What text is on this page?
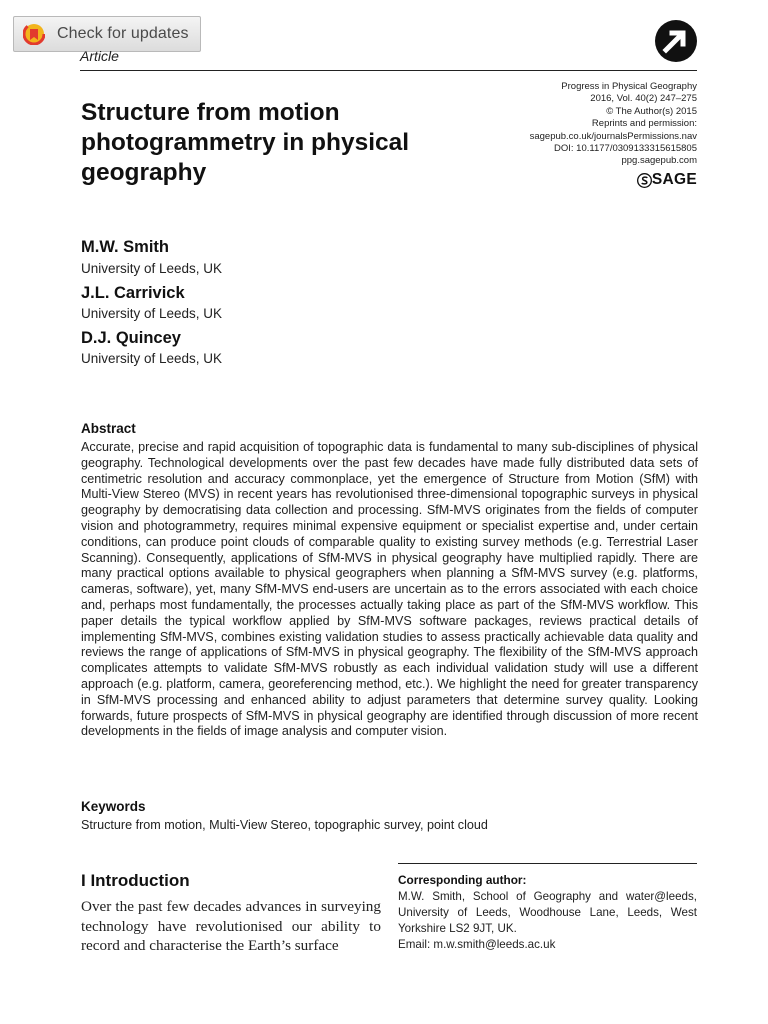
Check for updates
Article
Progress in Physical Geography
2016, Vol. 40(2) 247–275
© The Author(s) 2015
Reprints and permission:
sagepub.co.uk/journalsPermissions.nav
DOI: 10.1177/0309133315615805
ppg.sagepub.com
SAGE
Structure from motion photogrammetry in physical geography
M.W. Smith
University of Leeds, UK
J.L. Carrivick
University of Leeds, UK
D.J. Quincey
University of Leeds, UK
Abstract
Accurate, precise and rapid acquisition of topographic data is fundamental to many sub-disciplines of physical geography. Technological developments over the past few decades have made fully distributed data sets of centimetric resolution and accuracy commonplace, yet the emergence of Structure from Motion (SfM) with Multi-View Stereo (MVS) in recent years has revolutionised three-dimensional topographic surveys in physical geography by democratising data collection and processing. SfM-MVS originates from the fields of computer vision and photogrammetry, requires minimal expensive equipment or specialist expertise and, under certain conditions, can produce point clouds of comparable quality to existing survey methods (e.g. Terrestrial Laser Scanning). Consequently, applications of SfM-MVS in physical geography have multiplied rapidly. There are many practical options available to physical geographers when planning a SfM-MVS survey (e.g. platforms, cameras, software), yet, many SfM-MVS end-users are uncertain as to the errors associated with each choice and, perhaps most fundamentally, the processes actually taking place as part of the SfM-MVS workflow. This paper details the typical workflow applied by SfM-MVS software packages, reviews practical details of implementing SfM-MVS, combines existing validation studies to assess practically achievable data quality and reviews the range of applications of SfM-MVS in physical geography. The flexibility of the SfM-MVS approach complicates attempts to validate SfM-MVS robustly as each individual validation study will use a different approach (e.g. platform, camera, georeferencing method, etc.). We highlight the need for greater transparency in SfM-MVS processing and enhanced ability to adjust parameters that determine survey quality. Looking forwards, future prospects of SfM-MVS in physical geography are identified through discussion of more recent developments in the fields of image analysis and computer vision.
Keywords
Structure from motion, Multi-View Stereo, topographic survey, point cloud
I Introduction
Over the past few decades advances in surveying technology have revolutionised our ability to record and characterise the Earth’s surface
Corresponding author:
M.W. Smith, School of Geography and water@leeds, University of Leeds, Woodhouse Lane, Leeds, West Yorkshire LS2 9JT, UK.
Email: m.w.smith@leeds.ac.uk
